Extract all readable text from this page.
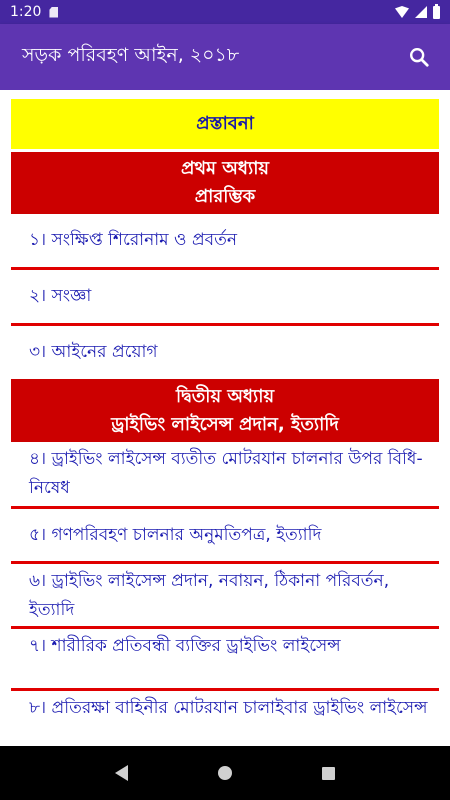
1:20
সড়ক পরিবহণ আইন, ২০১৮
প্রস্তাবনা
প্রথম অধ্যায়
প্রারম্ভিক
১। সংক্ষিপ্ত শিরোনাম ও প্রবর্তন
২। সংজ্ঞা
৩। আইনের প্রয়োগ
দ্বিতীয় অধ্যায়
ড্রাইভিং লাইসেন্স প্রদান, ইত্যাদি
৪। ড্রাইভিং লাইসেন্স ব্যতীত মোটরযান চালনার উপর বিধি-নিষেধ
৫। গণপরিবহণ চালনার অনুমতিপত্র, ইত্যাদি
৬। ড্রাইভিং লাইসেন্স প্রদান, নবায়ন, ঠিকানা পরিবর্তন, ইত্যাদি
৭। শারীরিক প্রতিবন্ধী ব্যক্তির ড্রাইভিং লাইসেন্স
৮। প্রতিরক্ষা বাহিনীর মোটরযান চালাইবার ড্রাইভিং লাইসেন্স
